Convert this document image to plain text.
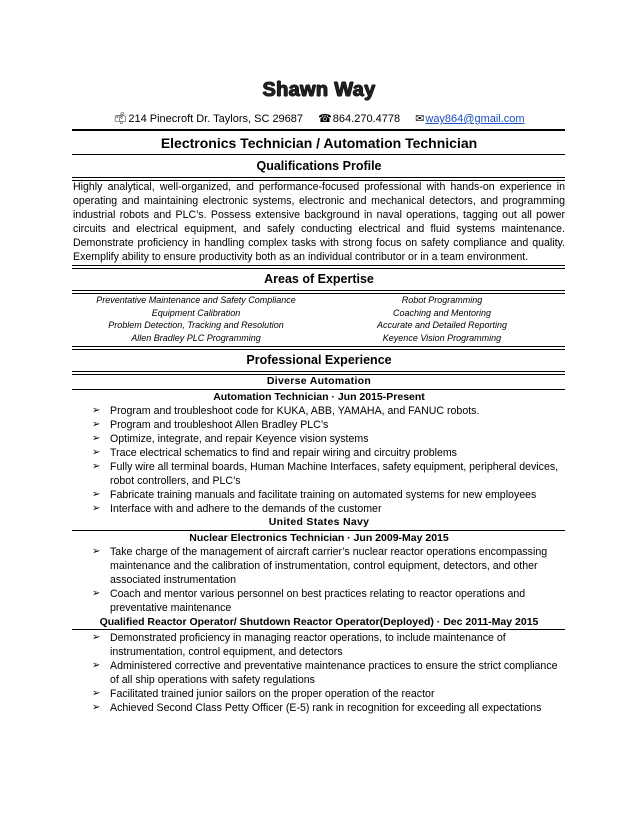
Shawn Way
📫︎214 Pinecroft Dr. Taylors, SC 29687 ☎864.270.4778 ✉way864@gmail.com
Electronics Technician / Automation Technician
Qualifications Profile
Highly analytical, well-organized, and performance-focused professional with hands-on experience in operating and maintaining electronic systems, electronic and mechanical detectors, and programming industrial robots and PLC’s. Possess extensive background in naval operations, tagging out all power circuits and electrical equipment, and safely conducting electrical and fluid systems maintenance. Demonstrate proficiency in handling complex tasks with strong focus on safety compliance and quality. Exemplify ability to ensure productivity both as an individual contributor or in a team environment.
Areas of Expertise
Preventative Maintenance and Safety Compliance	Robot Programming
Equipment Calibration	Coaching and Mentoring
Problem Detection, Tracking and Resolution	Accurate and Detailed Reporting
Allen Bradley PLC Programming	Keyence Vision Programming
Professional Experience
Diverse Automation
Automation Technician · Jun 2015-Present
➢ Program and troubleshoot code for KUKA, ABB, YAMAHA, and FANUC robots.
➢ Program and troubleshoot Allen Bradley PLC’s
➢ Optimize, integrate, and repair Keyence vision systems
➢ Trace electrical schematics to find and repair wiring and circuitry problems
➢ Fully wire all terminal boards, Human Machine Interfaces, safety equipment, peripheral devices, robot controllers, and PLC’s
➢ Fabricate training manuals and facilitate training on automated systems for new employees
➢ Interface with and adhere to the demands of the customer
United States Navy
Nuclear Electronics Technician · Jun 2009-May 2015
➢ Take charge of the management of aircraft carrier’s nuclear reactor operations encompassing maintenance and the calibration of instrumentation, control equipment, detectors, and other associated instrumentation
➢ Coach and mentor various personnel on best practices relating to reactor operations and preventative maintenance
Qualified Reactor Operator/ Shutdown Reactor Operator(Deployed) · Dec 2011-May 2015
➢ Demonstrated proficiency in managing reactor operations, to include maintenance of instrumentation, control equipment, and detectors
➢ Administered corrective and preventative maintenance practices to ensure the strict compliance of all ship operations with safety regulations
➢ Facilitated trained junior sailors on the proper operation of the reactor
➢ Achieved Second Class Petty Officer (E-5) rank in recognition for exceeding all expectations
